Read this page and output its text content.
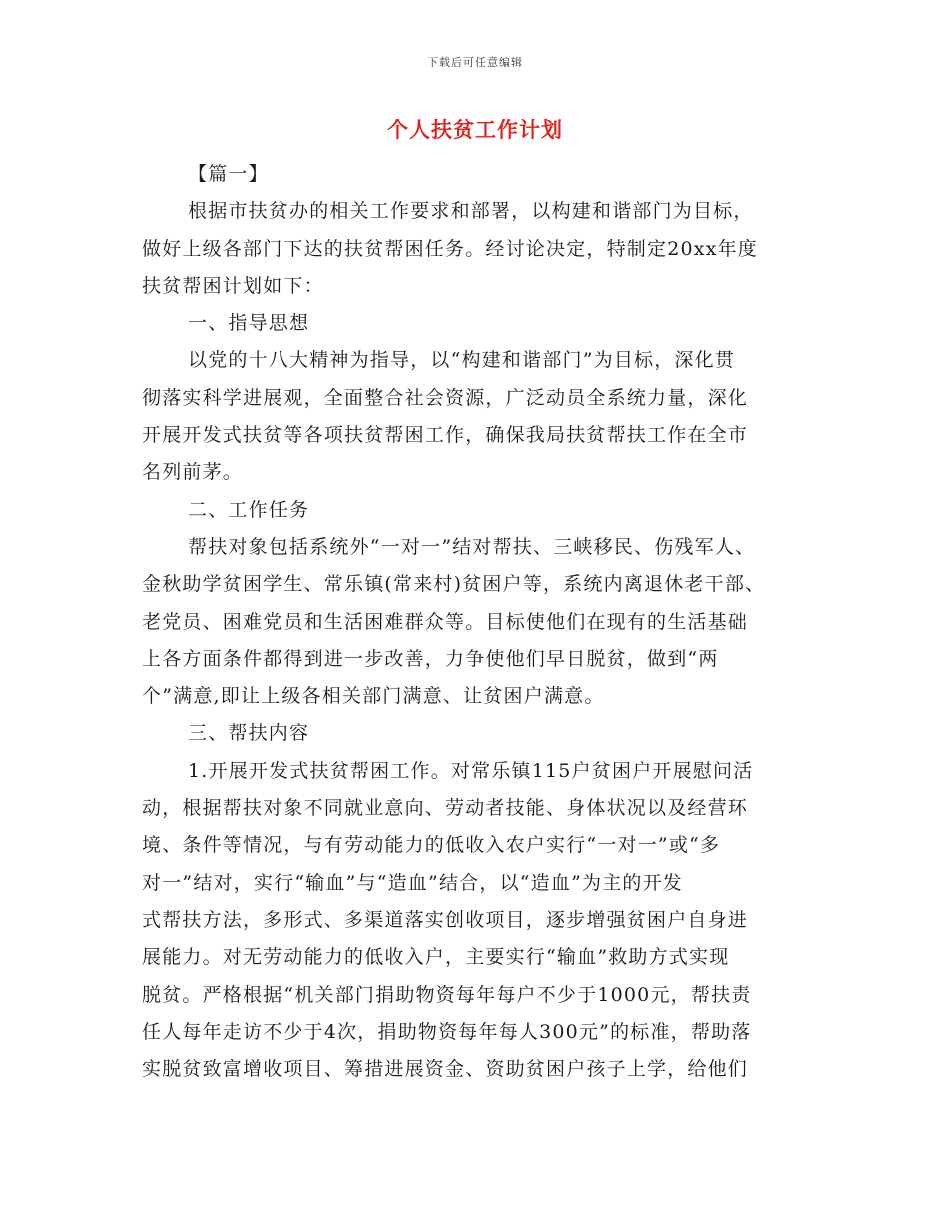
下载后可任意编辑
个人扶贫工作计划
【篇一】
根据市扶贫办的相关工作要求和部署，以构建和谐部门为目标，
做好上级各部门下达的扶贫帮困任务。经讨论决定，特制定20xx年度
扶贫帮困计划如下：
一、指导思想
以党的十八大精神为指导，以“构建和谐部门”为目标，深化贯
彻落实科学进展观，全面整合社会资源，广泛动员全系统力量，深化
开展开发式扶贫等各项扶贫帮困工作，确保我局扶贫帮扶工作在全市
名列前茅。
二、工作任务
帮扶对象包括系统外“一对一”结对帮扶、三峡移民、伤残军人、
金秋助学贫困学生、常乐镇(常来村)贫困户等，系统内离退休老干部、
老党员、困难党员和生活困难群众等。目标使他们在现有的生活基础
上各方面条件都得到进一步改善，力争使他们早日脱贫，做到“两
个”满意,即让上级各相关部门满意、让贫困户满意。
三、帮扶内容
1.开展开发式扶贫帮困工作。对常乐镇115户贫困户开展慰问活
动，根据帮扶对象不同就业意向、劳动者技能、身体状况以及经营环
境、条件等情况，与有劳动能力的低收入农户实行“一对一”或“多
对一”结对，实行“输血”与“造血”结合，以“造血”为主的开发
式帮扶方法，多形式、多渠道落实创收项目，逐步增强贫困户自身进
展能力。对无劳动能力的低收入户，主要实行“输血”救助方式实现
脱贫。严格根据“机关部门捐助物资每年每户不少于1000元，帮扶责
任人每年走访不少于4次，捐助物资每年每人300元”的标准，帮助落
实脱贫致富增收项目、筹措进展资金、资助贫困户孩子上学，给他们
